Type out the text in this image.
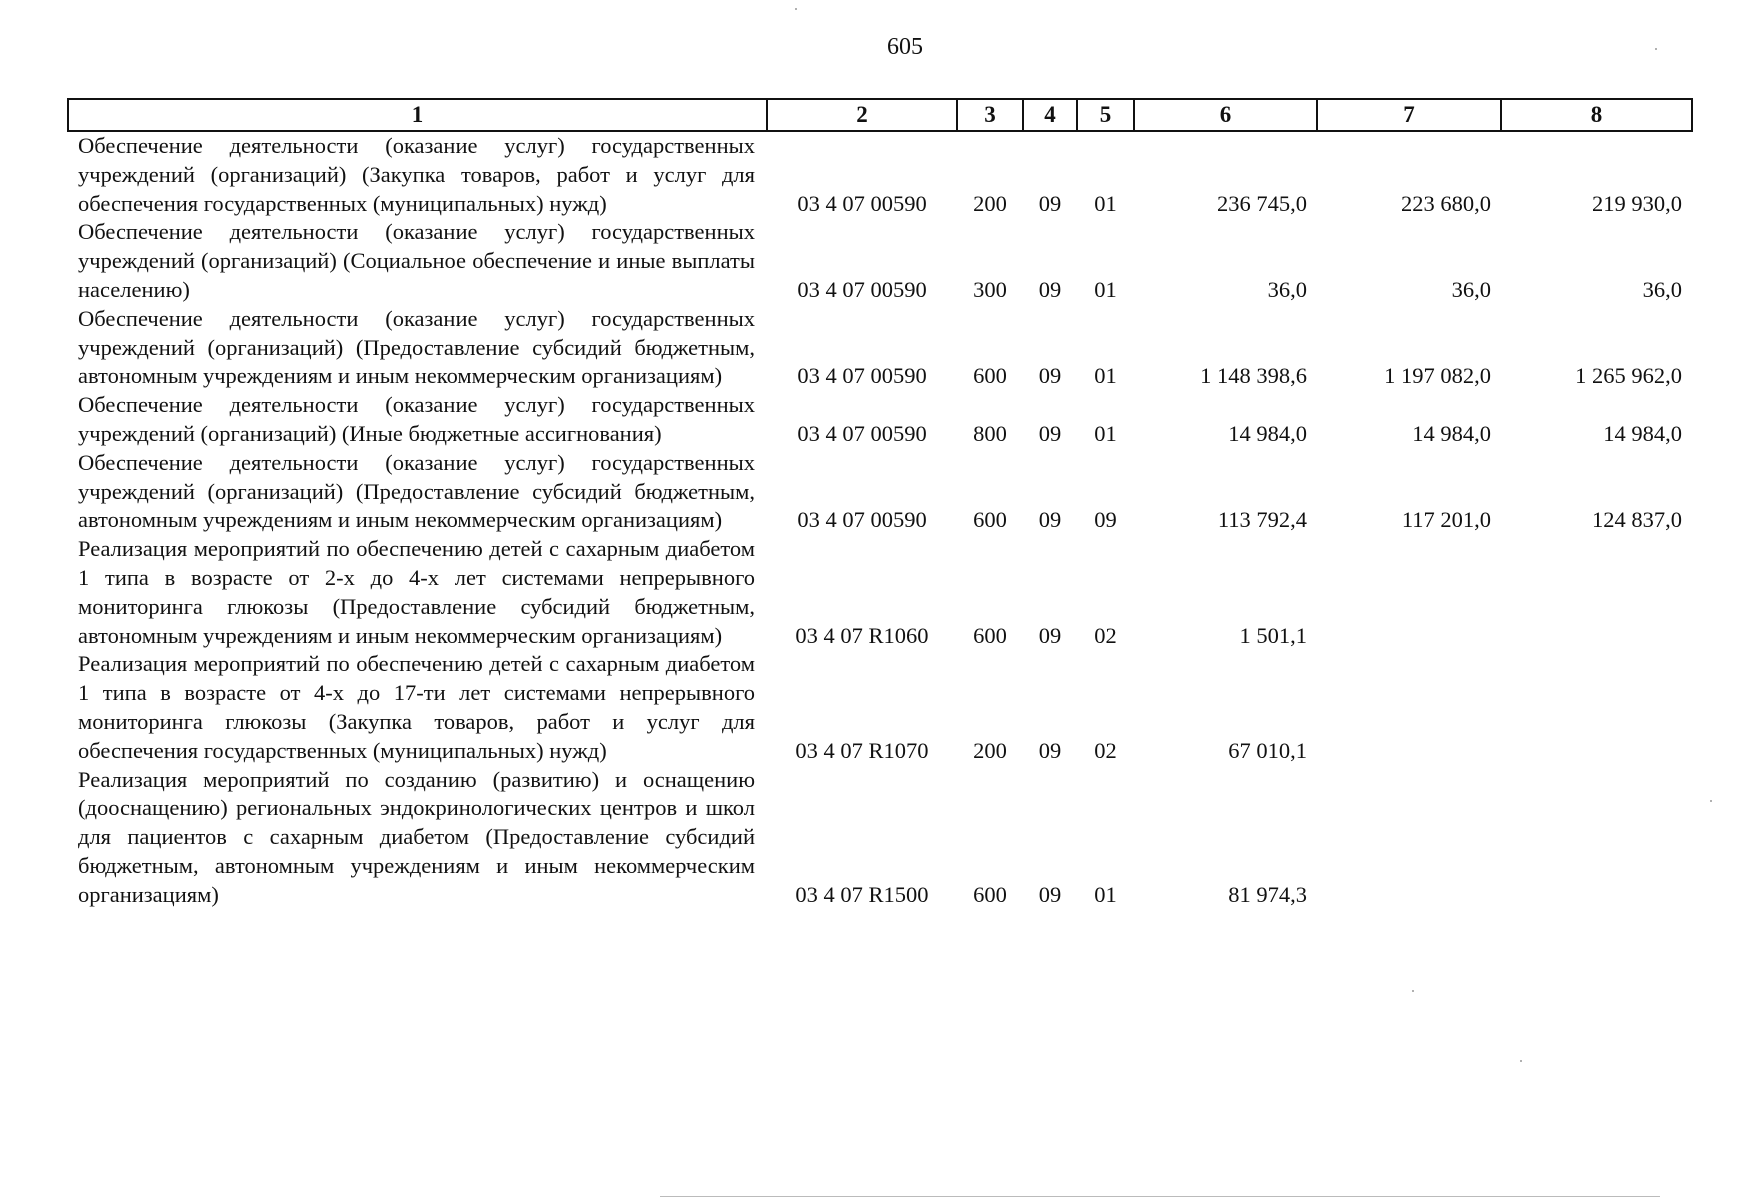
605
1	2	3	4	5	6	7	8
Обеспечение деятельности (оказание услуг) государственных учреждений (организаций) (Закупка товаров, работ и услуг для обеспечения государственных (муниципальных) нужд)	03 4 07 00590	200	09	01	236 745,0	223 680,0	219 930,0
Обеспечение деятельности (оказание услуг) государственных учреждений (организаций) (Социальное обеспечение и иные выплаты населению)	03 4 07 00590	300	09	01	36,0	36,0	36,0
Обеспечение деятельности (оказание услуг) государственных учреждений (организаций) (Предоставление субсидий бюджетным, автономным учреждениям и иным некоммерческим организациям)	03 4 07 00590	600	09	01	1 148 398,6	1 197 082,0	1 265 962,0
Обеспечение деятельности (оказание услуг) государственных учреждений (организаций) (Иные бюджетные ассигнования)	03 4 07 00590	800	09	01	14 984,0	14 984,0	14 984,0
Обеспечение деятельности (оказание услуг) государственных учреждений (организаций) (Предоставление субсидий бюджетным, автономным учреждениям и иным некоммерческим организациям)	03 4 07 00590	600	09	09	113 792,4	117 201,0	124 837,0
Реализация мероприятий по обеспечению детей с сахарным диабетом 1 типа в возрасте от 2-х до 4-х лет системами непрерывного мониторинга глюкозы (Предоставление субсидий бюджетным, автономным учреждениям и иным некоммерческим организациям)	03 4 07 R1060	600	09	02	1 501,1		
Реализация мероприятий по обеспечению детей с сахарным диабетом 1 типа в возрасте от 4-х до 17-ти лет системами непрерывного мониторинга глюкозы (Закупка товаров, работ и услуг для обеспечения государственных (муниципальных) нужд)	03 4 07 R1070	200	09	02	67 010,1		
Реализация мероприятий по созданию (развитию) и оснащению (дооснащению) региональных эндокринологических центров и школ для пациентов с сахарным диабетом (Предоставление субсидий бюджетным, автономным учреждениям и иным некоммерческим организациям)	03 4 07 R1500	600	09	01	81 974,3		
